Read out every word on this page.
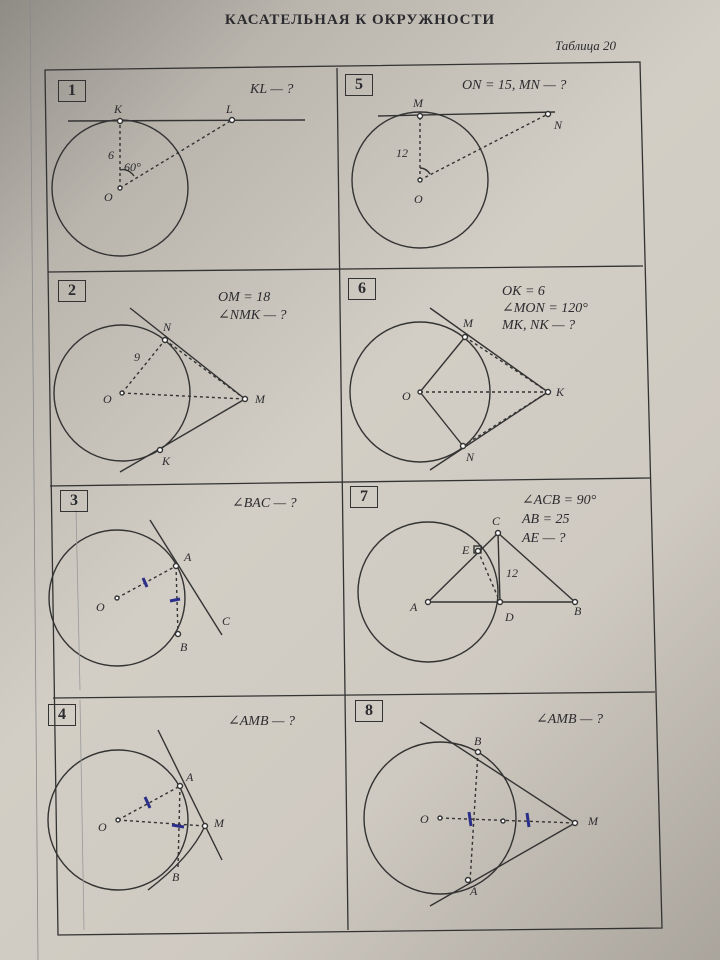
КАСАТЕЛЬНАЯ К ОКРУЖНОСТИ
Таблица 20
1	KL — ?
K	L
O
6
60°
5	ON = 15, MN — ?
M
N
O
12
2	OM = 18
∠NMK — ?
N
O	M
K
9
6	OK = 6
∠MON = 120°
MK, NK — ?
M
O	K
N
3	∠BAC — ?
A
O
B
C
7	∠ACB = 90°
AB = 25
AE — ?
C
E
A
D	B
12
4	∠AMB — ?
A
O	M
B
8
∠AMB — ?
B
O	M
A
